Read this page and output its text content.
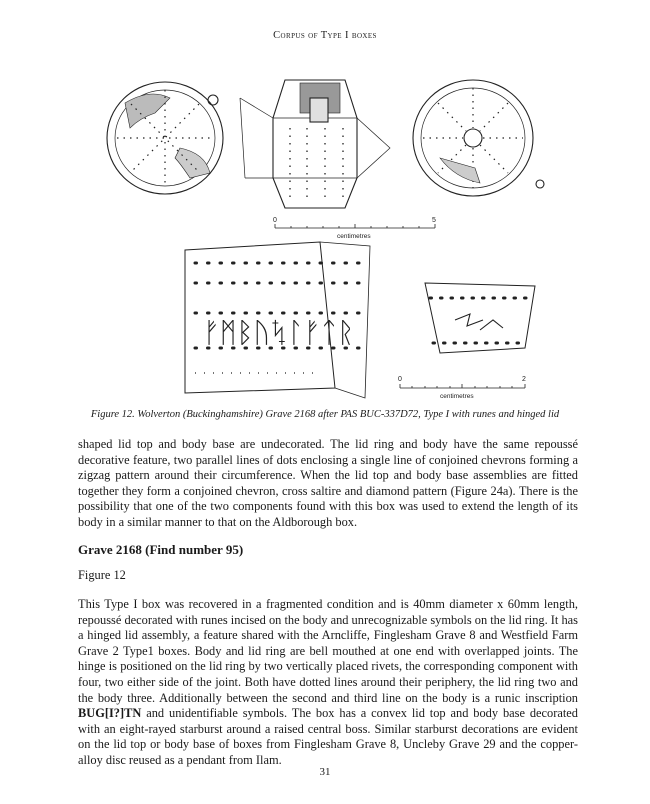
Corpus of Type I boxes
0	5
centimetres
ᚠᛗᛒᚢᛪᛚᚠᛏᚱ
0	2
centimetres
Figure 12. Wolverton (Buckinghamshire) Grave 2168 after PAS BUC-337D72, Type I with runes and hinged lid
shaped lid top and body base are undecorated. The lid ring and body have the same repoussé decorative feature, two parallel lines of dots enclosing a single line of conjoined chevrons forming a zigzag pattern around their circumference. When the lid top and body base assemblies are fitted together they form a conjoined chevron, cross saltire and diamond pattern (Figure 24a). There is the possibility that one of the two components found with this box was used to extend the length of its body in a similar manner to that on the Aldborough box.
Grave 2168 (Find number 95)
Figure 12
This Type I box was recovered in a fragmented condition and is 40mm diameter x 60mm length, repoussé decorated with runes incised on the body and unrecognizable symbols on the lid ring. It has a hinged lid assembly, a feature shared with the Arncliffe, Finglesham Grave 8 and Westfield Farm Grave 2 Type1 boxes. Body and lid ring are bell mouthed at one end with overlapped joints. The hinge is positioned on the lid ring by two vertically placed rivets, the corresponding component with four, two either side of the joint. Both have dotted lines around their periphery, the lid ring two and the body three. Additionally between the second and third line on the body is a runic inscription BUG[I?]TN and unidentifiable symbols. The box has a convex lid top and body base decorated with an eight-rayed starburst around a raised central boss. Similar starburst decorations are evident on the lid top or body base of boxes from Finglesham Grave 8, Uncleby Grave 29 and the copper-alloy disc reused as a pendant from Ilam.
31
